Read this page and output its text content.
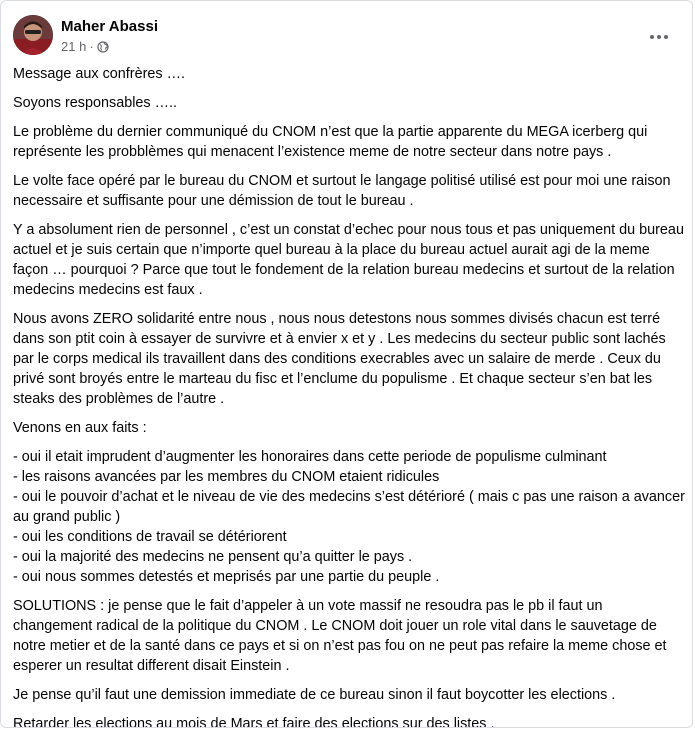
Maher Abassi
21 h ·

Message aux confrères ….

Soyons responsables …..

Le problème du dernier communiqué du CNOM n’est que la partie apparente du MEGA icerberg qui représente les probblèmes qui menacent l’existence meme de notre secteur dans notre pays .

Le volte face opéré par le bureau du CNOM et surtout le langage politisé utilisé est pour moi une raison necessaire et suffisante pour une démission de tout le bureau .

Y a absolument rien de personnel , c’est un constat d’echec pour nous tous et pas uniquement du bureau actuel et je suis certain que n’importe quel bureau à la place du bureau actuel aurait agi de la meme façon … pourquoi ? Parce que tout le fondement de la relation bureau medecins et surtout de la relation medecins medecins est faux .

Nous avons ZERO solidarité entre nous , nous nous detestons nous sommes divisés chacun est terré dans son ptit coin à essayer de survivre et à envier x et y . Les medecins du secteur public sont lachés par le corps medical ils travaillent dans des conditions execrables avec un salaire de merde . Ceux du privé sont broyés entre le marteau du fisc et l’enclume du populisme . Et chaque secteur s’en bat les steaks des problèmes de l’autre .

Venons en aux faits :

- oui il etait imprudent d’augmenter les honoraires dans cette periode de populisme culminant
- les raisons avancées par les membres du CNOM etaient ridicules
- oui le pouvoir d’achat et le niveau de vie des medecins s’est détérioré ( mais c pas une raison a avancer au grand public )
- oui les conditions de travail se détériorent
- oui la majorité des medecins ne pensent qu’a quitter le pays .
- oui nous sommes detestés et meprisés par une partie du peuple .

SOLUTIONS : je pense que le fait d’appeler à un vote massif ne resoudra pas le pb il faut un changement radical de la politique du CNOM . Le CNOM doit jouer un role vital dans le sauvetage de notre metier et de la santé dans ce pays et si on n’est pas fou on ne peut pas refaire la meme chose et esperer un resultat different disait Einstein .

Je pense qu’il faut une demission immediate de ce bureau sinon il faut boycotter les elections .

Retarder les elections au mois de Mars et faire des elections sur des listes .
